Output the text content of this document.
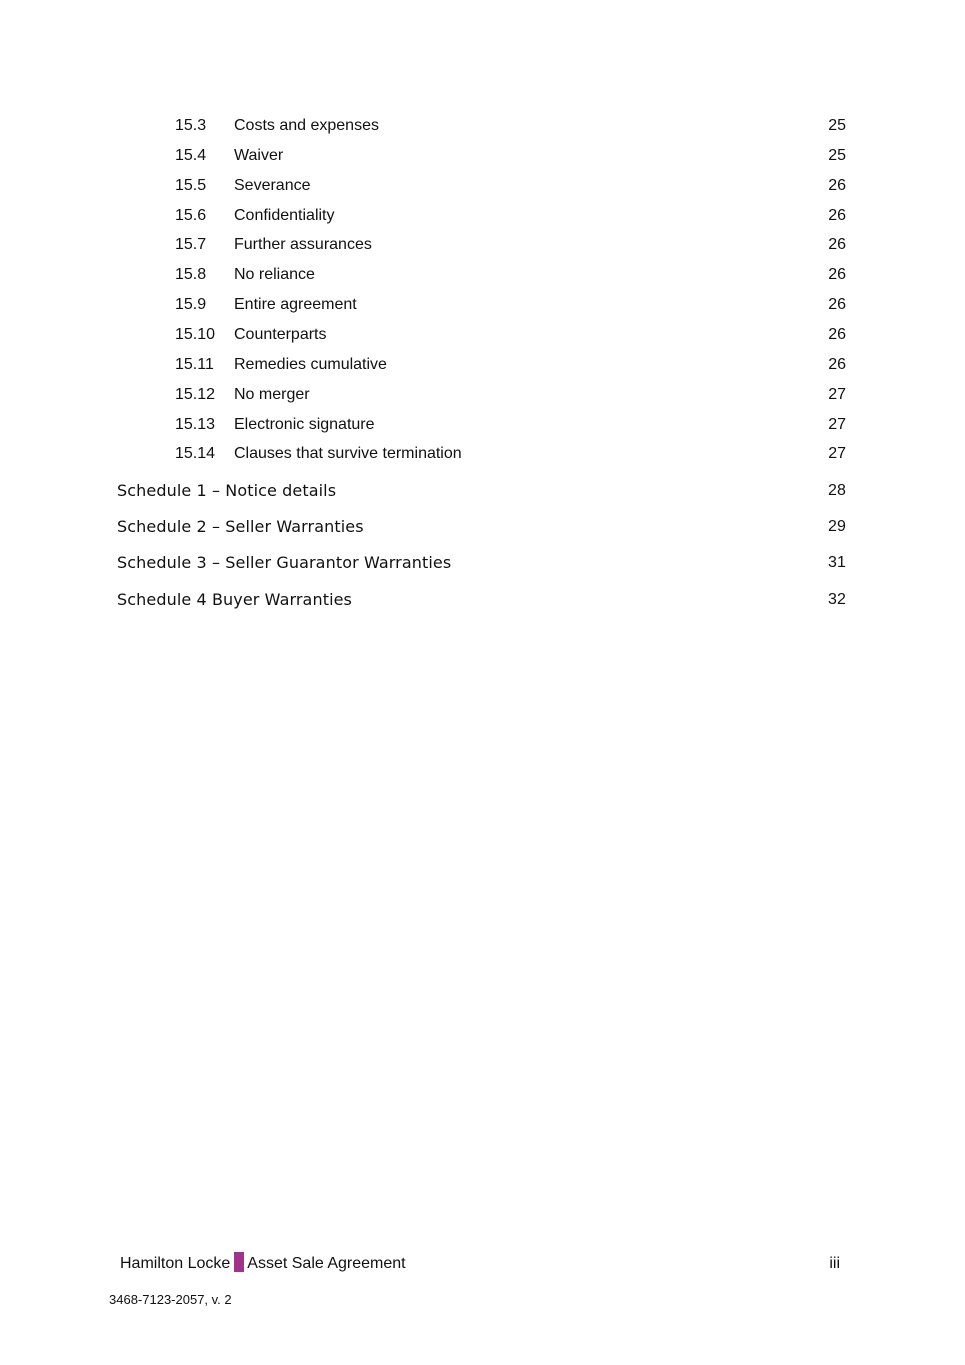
15.3 Costs and expenses	25
15.4 Waiver	25
15.5 Severance	26
15.6 Confidentiality	26
15.7 Further assurances	26
15.8 No reliance	26
15.9 Entire agreement	26
15.10 Counterparts	26
15.11 Remedies cumulative	26
15.12 No merger	27
15.13 Electronic signature	27
15.14 Clauses that survive termination	27
Schedule 1 – Notice details	28
Schedule 2 – Seller Warranties	29
Schedule 3 – Seller Guarantor Warranties	31
Schedule 4 Buyer Warranties	32
Hamilton Locke Asset Sale Agreement	iii
3468-7123-2057, v. 2
